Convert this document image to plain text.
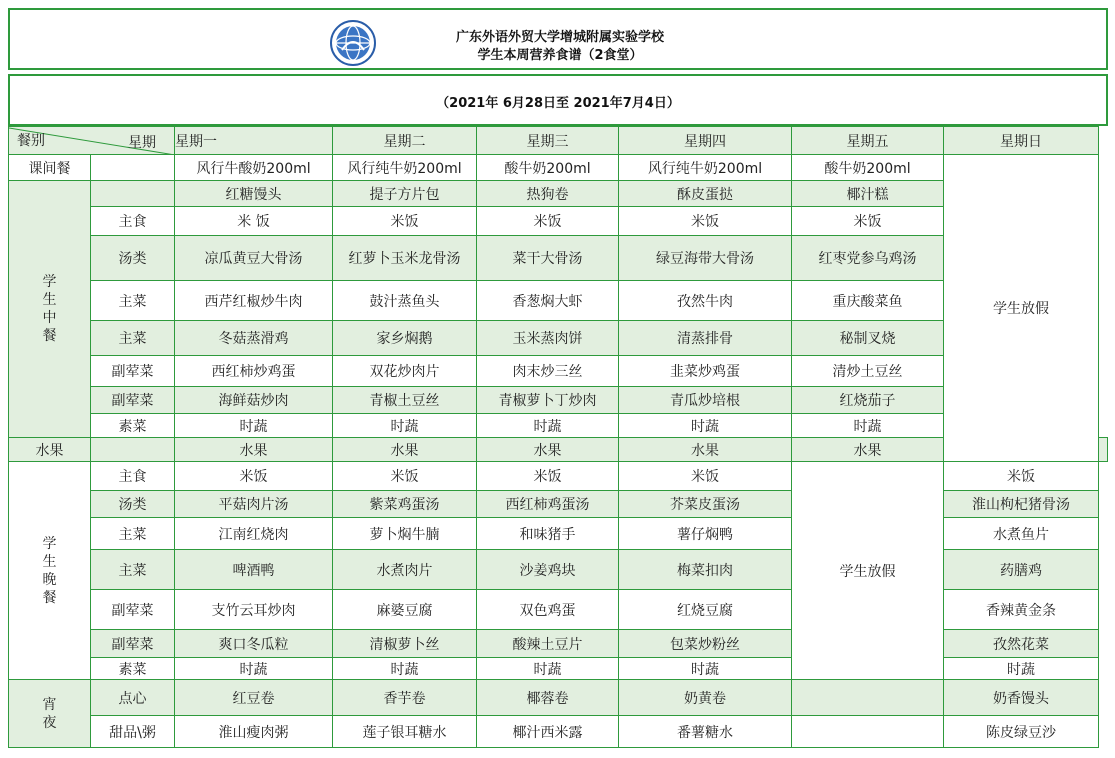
广东外语外贸大学增城附属实验学校
学生本周营养食谱（2食堂）
（2021年 6月28日至 2021年7月4日）
餐别 星期		星期一	星期二	星期三	星期四	星期五	星期日	
课间餐		风行牛酸奶200ml	风行纯牛奶200ml	酸牛奶200ml	风行纯牛奶200ml	酸牛奶200ml	学生放假	

学
生
中
餐		红糖馒头	提子方片包	热狗卷	酥皮蛋挞	椰汁糕		
	主食	米 饭	米饭	米饭	米饭	米饭		
	汤类	凉瓜黄豆大骨汤	红萝卜玉米龙骨汤	菜干大骨汤	绿豆海带大骨汤	红枣党参乌鸡汤		
	主菜	西芹红椒炒牛肉	鼓汁蒸鱼头	香葱焖大虾	孜然牛肉	重庆酸菜鱼		
	主菜	冬菇蒸滑鸡	家乡焖鹅	玉米蒸肉饼	清蒸排骨	秘制叉烧		
	副荤菜	西红柿炒鸡蛋	双花炒肉片	肉末炒三丝	韭菜炒鸡蛋	清炒土豆丝		
	副荤菜	海鲜菇炒肉	青椒土豆丝	青椒萝卜丁炒肉	青瓜炒培根	红烧茄子		
	素菜	时蔬	时蔬	时蔬	时蔬	时蔬		
水果		水果	水果	水果	水果	水果		

学
生
晚
餐	主食	米饭	米饭	米饭	米饭	学生放假	米饭	
	汤类	平菇肉片汤	紫菜鸡蛋汤	西红柿鸡蛋汤	芥菜皮蛋汤		淮山枸杞猪骨汤	
	主菜	江南红烧肉	萝卜焖牛腩	和味猪手	薯仔焖鸭		水煮鱼片	
	主菜	啤酒鸭	水煮肉片	沙姜鸡块	梅菜扣肉		药膳鸡	
	副荤菜	支竹云耳炒肉	麻婆豆腐	双色鸡蛋	红烧豆腐		香辣黄金条	
	副荤菜	爽口冬瓜粒	清椒萝卜丝	酸辣土豆片	包菜炒粉丝		孜然花菜	
	素菜	时蔬	时蔬	时蔬	时蔬		时蔬	

宵
夜	点心	红豆卷	香芋卷	椰蓉卷	奶黄卷		奶香馒头	
	甜品\粥	淮山瘦肉粥	莲子银耳糖水	椰汁西米露	番薯糖水		陈皮绿豆沙	
